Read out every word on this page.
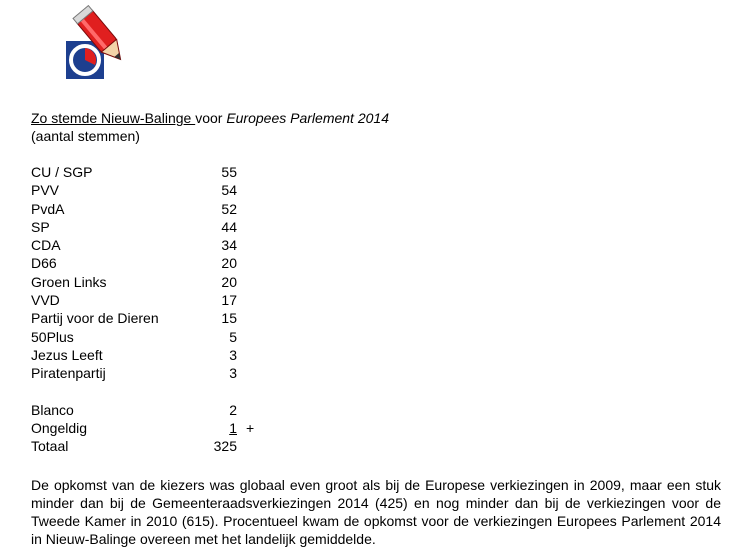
Zo stemde Nieuw-Balinge voor Europees Parlement 2014
(aantal stemmen)
CU / SGP	55
PVV	54
PvdA	52
SP	44
CDA	34
D66	20
Groen Links	20
VVD	17
Partij voor de Dieren	15
50Plus	5
Jezus Leeft	3
Piratenpartij	3
Blanco	2
Ongeldig	1 +
Totaal	325
De opkomst van de kiezers was globaal even groot als bij de Europese verkiezingen in 2009, maar een stuk minder dan bij de Gemeenteraadsverkiezingen 2014 (425) en nog minder dan bij de verkiezingen voor de Tweede Kamer in 2010 (615). Procentueel kwam de opkomst voor de verkiezingen Europees Parlement 2014 in Nieuw-Balinge overeen met het landelijk gemiddelde.
